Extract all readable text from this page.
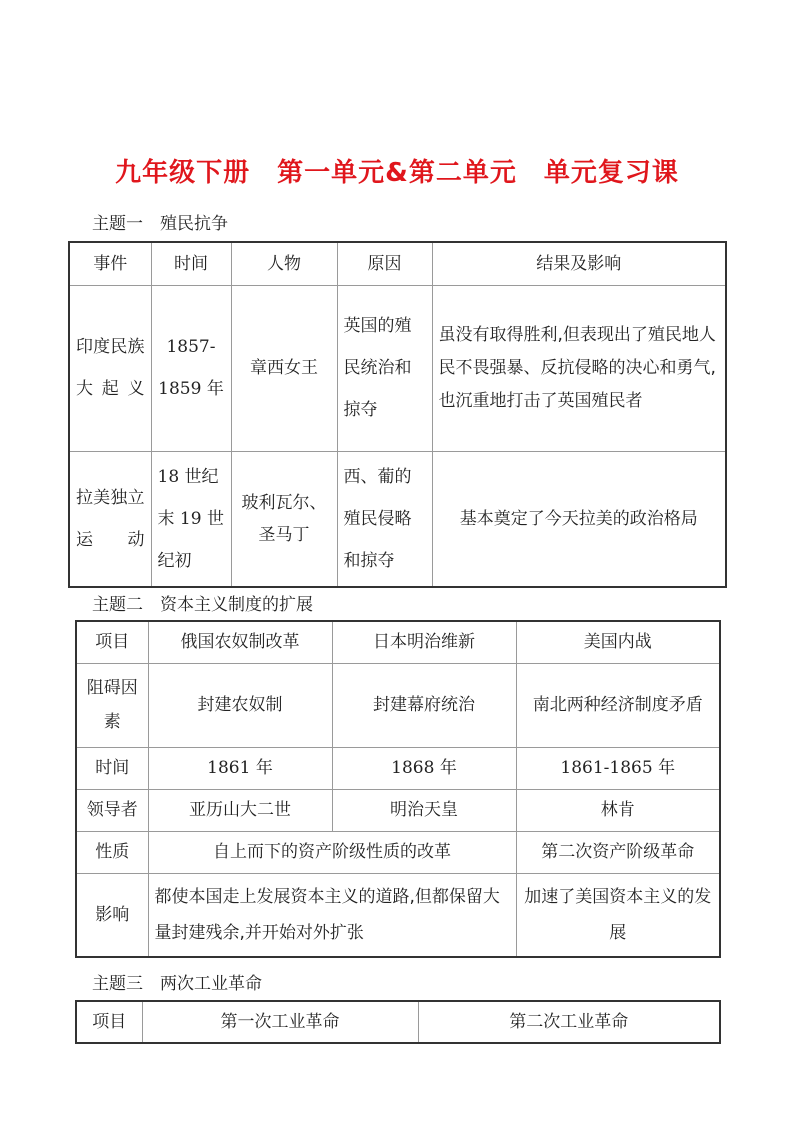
九年级下册　第一单元&第二单元　单元复习课
主题一　殖民抗争
事件	时间	人物	原因	结果及影响
印度民族大起义	1857-1859 年	章西女王	英国的殖民统治和掠夺	虽没有取得胜利,但表现出了殖民地人民不畏强暴、反抗侵略的决心和勇气,也沉重地打击了英国殖民者
拉美独立运动	18 世纪末 19 世纪初	玻利瓦尔、圣马丁	西、葡的殖民侵略和掠夺	基本奠定了今天拉美的政治格局
主题二　资本主义制度的扩展
项目	俄国农奴制改革	日本明治维新	美国内战
阻碍因素	封建农奴制	封建幕府统治	南北两种经济制度矛盾
时间	1861 年	1868 年	1861-1865 年
领导者	亚历山大二世	明治天皇	林肯
性质	自上而下的资产阶级性质的改革		第二次资产阶级革命
影响	都使本国走上发展资本主义的道路,但都保留大量封建残余,并开始对外扩张		加速了美国资本主义的发展
主题三　两次工业革命
项目	第一次工业革命	第二次工业革命
